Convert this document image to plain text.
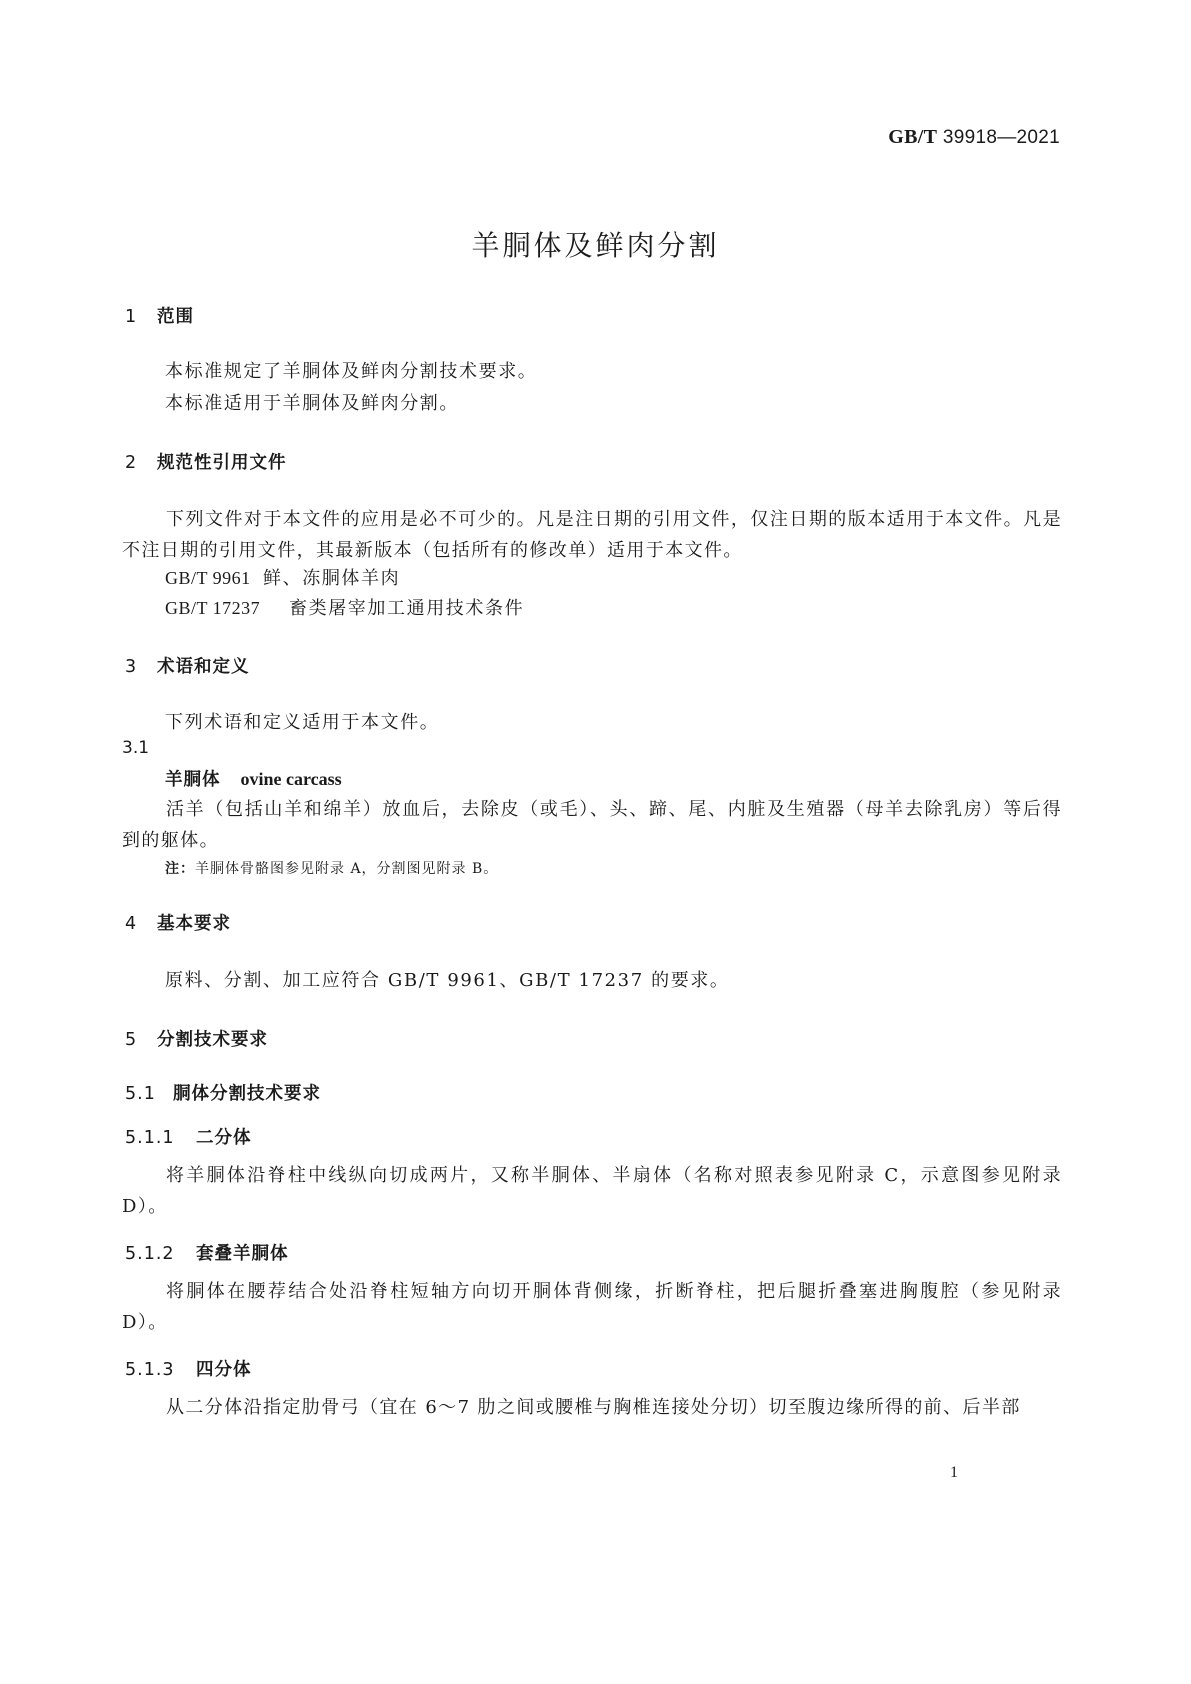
GB/T 39918—2021
羊胴体及鲜肉分割
1 范围
本标准规定了羊胴体及鲜肉分割技术要求。
本标准适用于羊胴体及鲜肉分割。
2 规范性引用文件
下列文件对于本文件的应用是必不可少的。凡是注日期的引用文件，仅注日期的版本适用于本文件。凡是不注日期的引用文件，其最新版本（包括所有的修改单）适用于本文件。
GB/T 9961 鲜、冻胴体羊肉
GB/T 17237 畜类屠宰加工通用技术条件
3 术语和定义
下列术语和定义适用于本文件。
3.1
羊胴体 ovine carcass
活羊（包括山羊和绵羊）放血后，去除皮（或毛）、头、蹄、尾、内脏及生殖器（母羊去除乳房）等后得到的躯体。
注：羊胴体骨骼图参见附录 A，分割图见附录 B。
4 基本要求
原料、分割、加工应符合 GB/T 9961、GB/T 17237 的要求。
5 分割技术要求
5.1 胴体分割技术要求
5.1.1 二分体
将羊胴体沿脊柱中线纵向切成两片，又称半胴体、半扇体（名称对照表参见附录 C，示意图参见附录 D）。
5.1.2 套叠羊胴体
将胴体在腰荐结合处沿脊柱短轴方向切开胴体背侧缘，折断脊柱，把后腿折叠塞进胸腹腔（参见附录 D）。
5.1.3 四分体
从二分体沿指定肋骨弓（宜在 6～7 肋之间或腰椎与胸椎连接处分切）切至腹边缘所得的前、后半部
1
